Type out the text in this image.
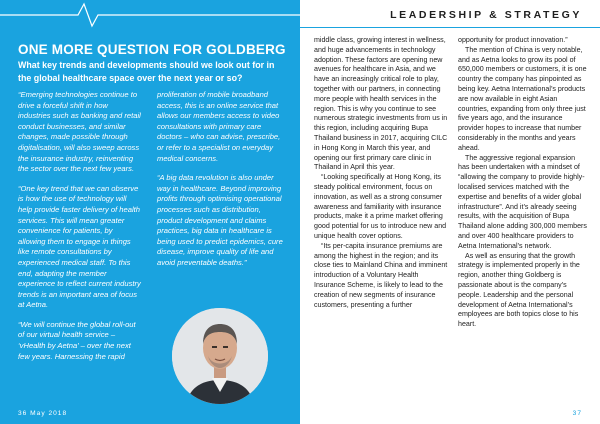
ONE MORE QUESTION FOR GOLDBERG
What key trends and developments should we look out for in the global healthcare space over the next year or so?

“Emerging technologies continue to drive a forceful shift in how industries such as banking and retail conduct businesses, and similar changes, made possible through digitalisation, will also sweep across the insurance industry, reinventing the sector over the next few years.

“One key trend that we can observe is how the use of technology will help provide faster delivery of health services. This will mean greater convenience for patients, by allowing them to engage in things like remote consultations by experienced medical staff. To this end, adapting the member experience to reflect current industry trends is an important area of focus at Aetna.

“We will continue the global roll-out of our virtual health service – ‘vHealth by Aetna’ – over the next few years. Harnessing the rapid

proliferation of mobile broadband access, this is an online service that allows our members access to video consultations with primary care doctors – who can advise, prescribe, or refer to a specialist on everyday medical concerns.

“A big data revolution is also under way in healthcare. Beyond improving profits through optimising operational processes such as distribution, product development and claims practices, big data in healthcare is being used to predict epidemics, cure disease, improve quality of life and avoid preventable deaths.”

36 May 2018
LEADERSHIP & STRATEGY

middle class, growing interest in wellness, and huge advancements in technology adoption. These factors are opening new avenues for healthcare in Asia, and we have an increasingly critical role to play, together with our partners, in connecting more people with health services in the region. This is why you continue to see numerous strategic investments from us in this region, including acquiring Bupa Thailand business in 2017, acquiring CILC in Hong Kong in March this year, and opening our first primary care clinic in Thailand in April this year.

“Looking specifically at Hong Kong, its steady political environment, focus on innovation, as well as a strong consumer awareness and familiarity with insurance products, make it a prime market offering good potential for us to introduce new and unique health cover options.

“Its per-capita insurance premiums are among the highest in the region; and its close ties to Mainland China and imminent introduction of a Voluntary Health Insurance Scheme, is likely to lead to the creation of new segments of insurance customers, presenting a further

opportunity for product innovation.”

The mention of China is very notable, and as Aetna looks to grow its pool of 650,000 members or customers, it is one country the company has pinpointed as being key. Aetna International’s products are now available in eight Asian countries, expanding from only three just five years ago, and the insurance provider hopes to increase that number considerably in the months and years ahead.

The aggressive regional expansion has been undertaken with a mindset of “allowing the company to provide highly-localised services matched with the expertise and benefits of a wider global infrastructure”. And it’s already seeing results, with the acquisition of Bupa Thailand alone adding 300,000 members and over 400 healthcare providers to Aetna International’s network.

As well as ensuring that the growth strategy is implemented properly in the region, another thing Goldberg is passionate about is the company’s people. Leadership and the personal development of Aetna International’s employees are both topics close to his heart.

37
